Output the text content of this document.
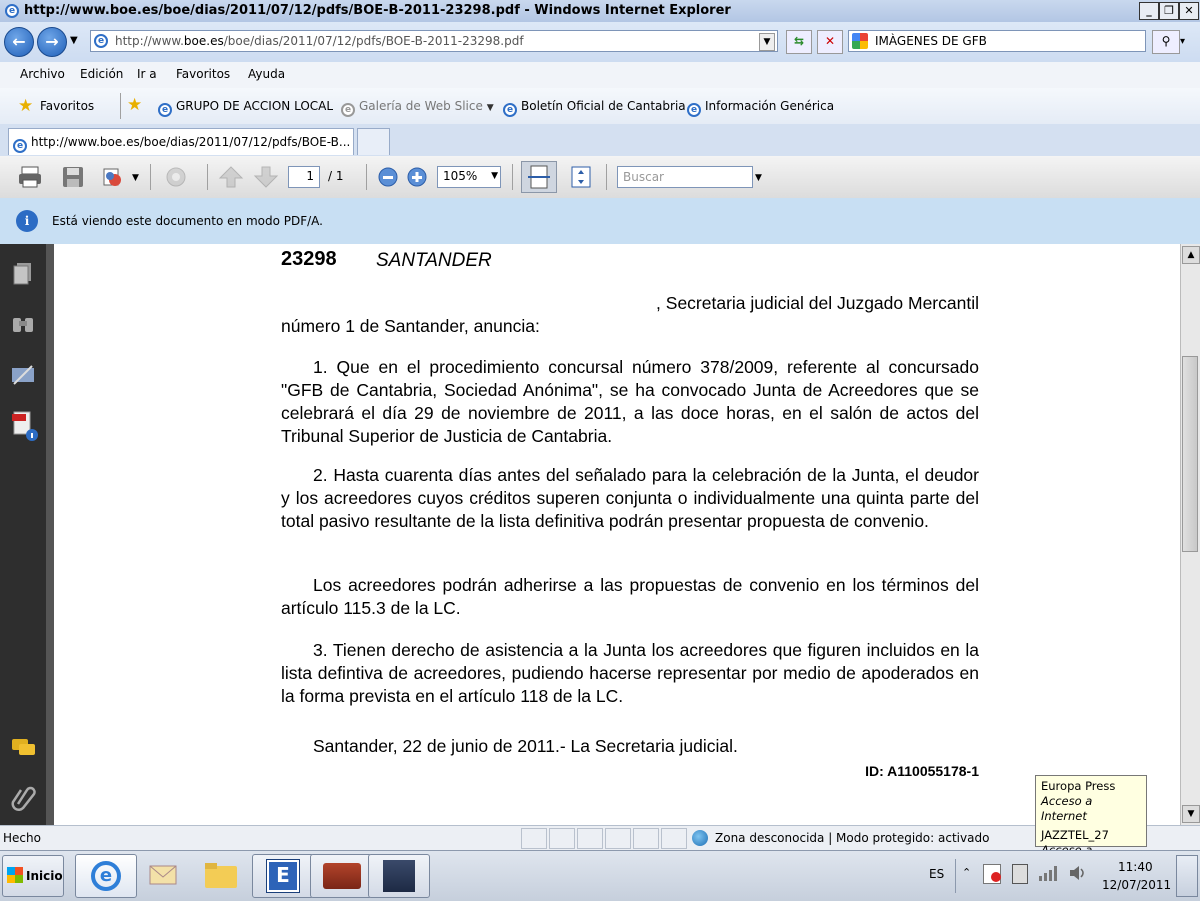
e http://www.boe.es/boe/dias/2011/07/12/pdfs/BOE-B-2011-23298.pdf - Windows Internet Explorer	_	❐ ✕
←	→	▼	e http://www.boe.es/boe/dias/2011/07/12/pdfs/BOE-B-2011-23298.pdf	▼	⇆	✕	IMÀGENES DE GFB	⚲ ▾
Archivo Edición Ir a Favoritos Ayuda
★ Favoritos ★	e GRUPO DE ACCION LOCAL	e Galería de Web Slice ▼	e Boletín Oficial de Cantabria e Información Genérica
e http://www.boe.es/boe/dias/2011/07/12/pdfs/BOE-B...
▼	1	/ 1	105% ▼	Buscar	▼
i	Está viendo este documento en modo PDF/A.
23298 SANTANDER
, Secretaria judicial del Juzgado Mercantil
número 1 de Santander, anuncia:
1. Que en el procedimiento concursal número 378/2009, referente al concursado "GFB de Cantabria, Sociedad Anónima", se ha convocado Junta de Acreedores que se celebrará el día 29 de noviembre de 2011, a las doce horas, en el salón de actos del Tribunal Superior de Justicia de Cantabria.
2. Hasta cuarenta días antes del señalado para la celebración de la Junta, el deudor y los acreedores cuyos créditos superen conjunta o individualmente una quinta parte del total pasivo resultante de la lista definitiva podrán presentar propuesta de convenio.
Los acreedores podrán adherirse a las propuestas de convenio en los términos del artículo 115.3 de la LC.
3. Tienen derecho de asistencia a la Junta los acreedores que figuren incluidos en la lista defintiva de acreedores, pudiendo hacerse representar por medio de apoderados en la forma prevista en el artículo 118 de la LC.
Santander, 22 de junio de 2011.- La Secretaria judicial.
ID: A110055178-1
▲
▼
Hecho	Zona desconocida | Modo protegido: activado
Europa Press
Acceso a Internet
JAZZTEL_27
Inicio	e	E	ES ⌃	11:40
12/07/2011
